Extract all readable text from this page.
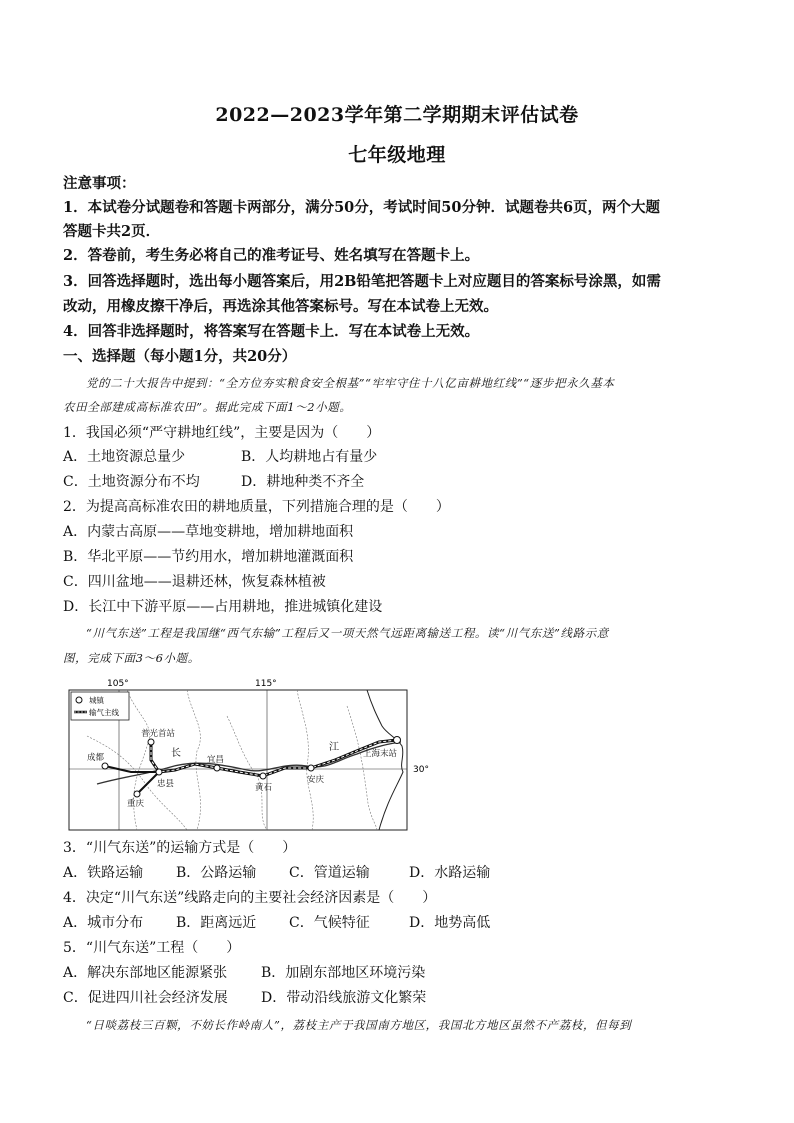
2022—2023学年第二学期期末评估试卷
七年级地理
注意事项：
1．本试卷分试题卷和答题卡两部分，满分50分，考试时间50分钟．试题卷共6页，两个大题
答题卡共2页．
2．答卷前，考生务必将自己的准考证号、姓名填写在答题卡上。
3．回答选择题时，选出每小题答案后，用2B铅笔把答题卡上对应题目的答案标号涂黑，如需
改动，用橡皮擦干净后，再选涂其他答案标号。写在本试卷上无效。
4．回答非选择题时，将答案写在答题卡上．写在本试卷上无效。
一、选择题（每小题1分，共20分）
党的二十大报告中提到：“全方位夯实粮食安全根基”“牢牢守住十八亿亩耕地红线”“逐步把永久基本
农田全部建成高标准农田”。据此完成下面1～2小题。
1．我国必须“严守耕地红线”，主要是因为（　　）
A．土地资源总量少	B．人均耕地占有量少
C．土地资源分布不均	D．耕地种类不齐全
2．为提高高标准农田的耕地质量，下列措施合理的是（　　）
A．内蒙古高原——草地变耕地，增加耕地面积
B．华北平原——节约用水，增加耕地灌溉面积
C．四川盆地——退耕还林，恢复森林植被
D．长江中下游平原——占用耕地，推进城镇化建设
“川气东送”工程是我国继“西气东输”工程后又一项天然气远距离输送工程。读“川气东送”线路示意
图，完成下面3～6小题。
105°	115°
30°
普光首站
成都
重庆
忠县
宜昌
黄石
安庆
上海末站
长
江
城镇
输气主线
3．“川气东送”的运输方式是（　　）
A．铁路运输 B．公路运输 C．管道运输	D．水路运输
4．决定“川气东送”线路走向的主要社会经济因素是（　　）
A．城市分布 B．距离远近 C．气候特征	D．地势高低
5．“川气东送”工程（　　）
A．解决东部地区能源紧张 B．加剧东部地区环境污染
C．促进四川社会经济发展 D．带动沿线旅游文化繁荣
“日啖荔枝三百颗，不妨长作岭南人”，荔枝主产于我国南方地区，我国北方地区虽然不产荔枝，但每到
